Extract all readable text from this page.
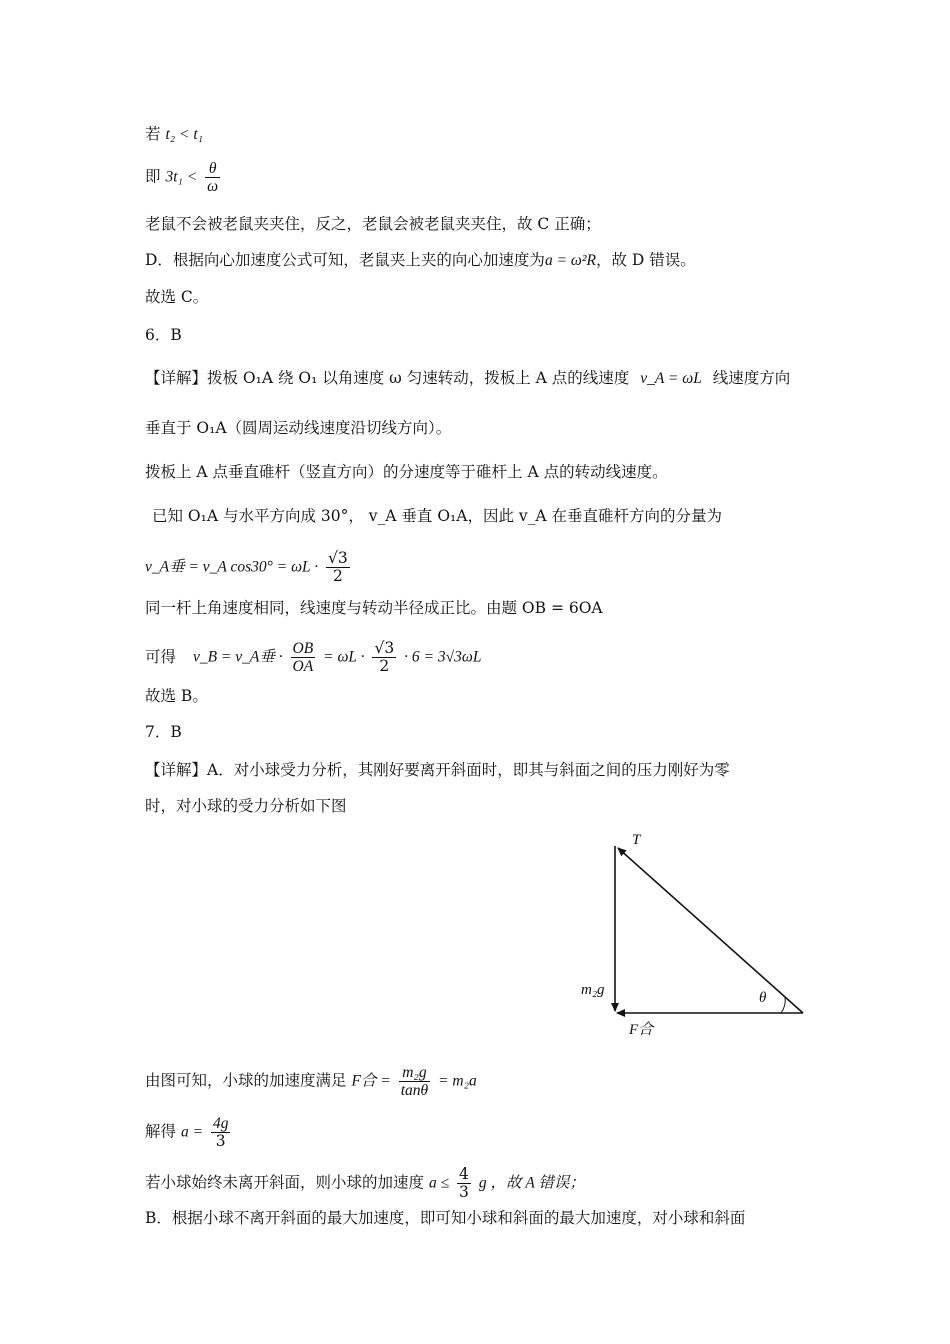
若 t₂ < t₁
即 $3t_1 < \frac{\theta}{\omega}$
老鼠不会被老鼠夹夹住，反之，老鼠会被老鼠夹夹住，故 C 正确；
D．根据向心加速度公式可知，老鼠夹上夹的向心加速度为a = ω²R，故 D 错误。
故选 C。
6．B
【详解】拨板 O₁A 绕 O₁ 以角速度 ω 匀速转动，拨板上 A 点的线速度 v_A = ωL 线速度方向
垂直于 O₁A（圆周运动线速度沿切线方向）。
拨板上 A 点垂直碓杆（竖直方向）的分速度等于碓杆上 A 点的转动线速度。
已知 O₁A 与水平方向成 30°， v_A 垂直 O₁A，因此 v_A 在垂直碓杆方向的分量为
v_A垂 = v_A $\cos 30^\circ = \omega L \cdot \frac{√3}{2}$
同一杆上角速度相同，线速度与转动半径成正比。由题 OB = 6OA
可得 v_B = v_A垂 · $\frac{OB}{OA} = \omega L \cdot \frac{√3}{2} \cdot 6 = 3√3\omega L$
故选 B。
7．B
【详解】A．对小球受力分析，其刚好要离开斜面时，即其与斜面之间的压力刚好为零
时，对小球的受力分析如下图
T
m₂g
F合
θ
由图可知，小球的加速度满足 F合 = $\frac{\text{m₂g}}{\tan\theta} = m_2a$
解得 $a = \frac{4g}{3}$
若小球始终未离开斜面，则小球的加速度 $a \le \frac{4}{3}$ g ，故 A 错误；
B．根据小球不离开斜面的最大加速度，即可知小球和斜面的最大加速度，对小球和斜面
